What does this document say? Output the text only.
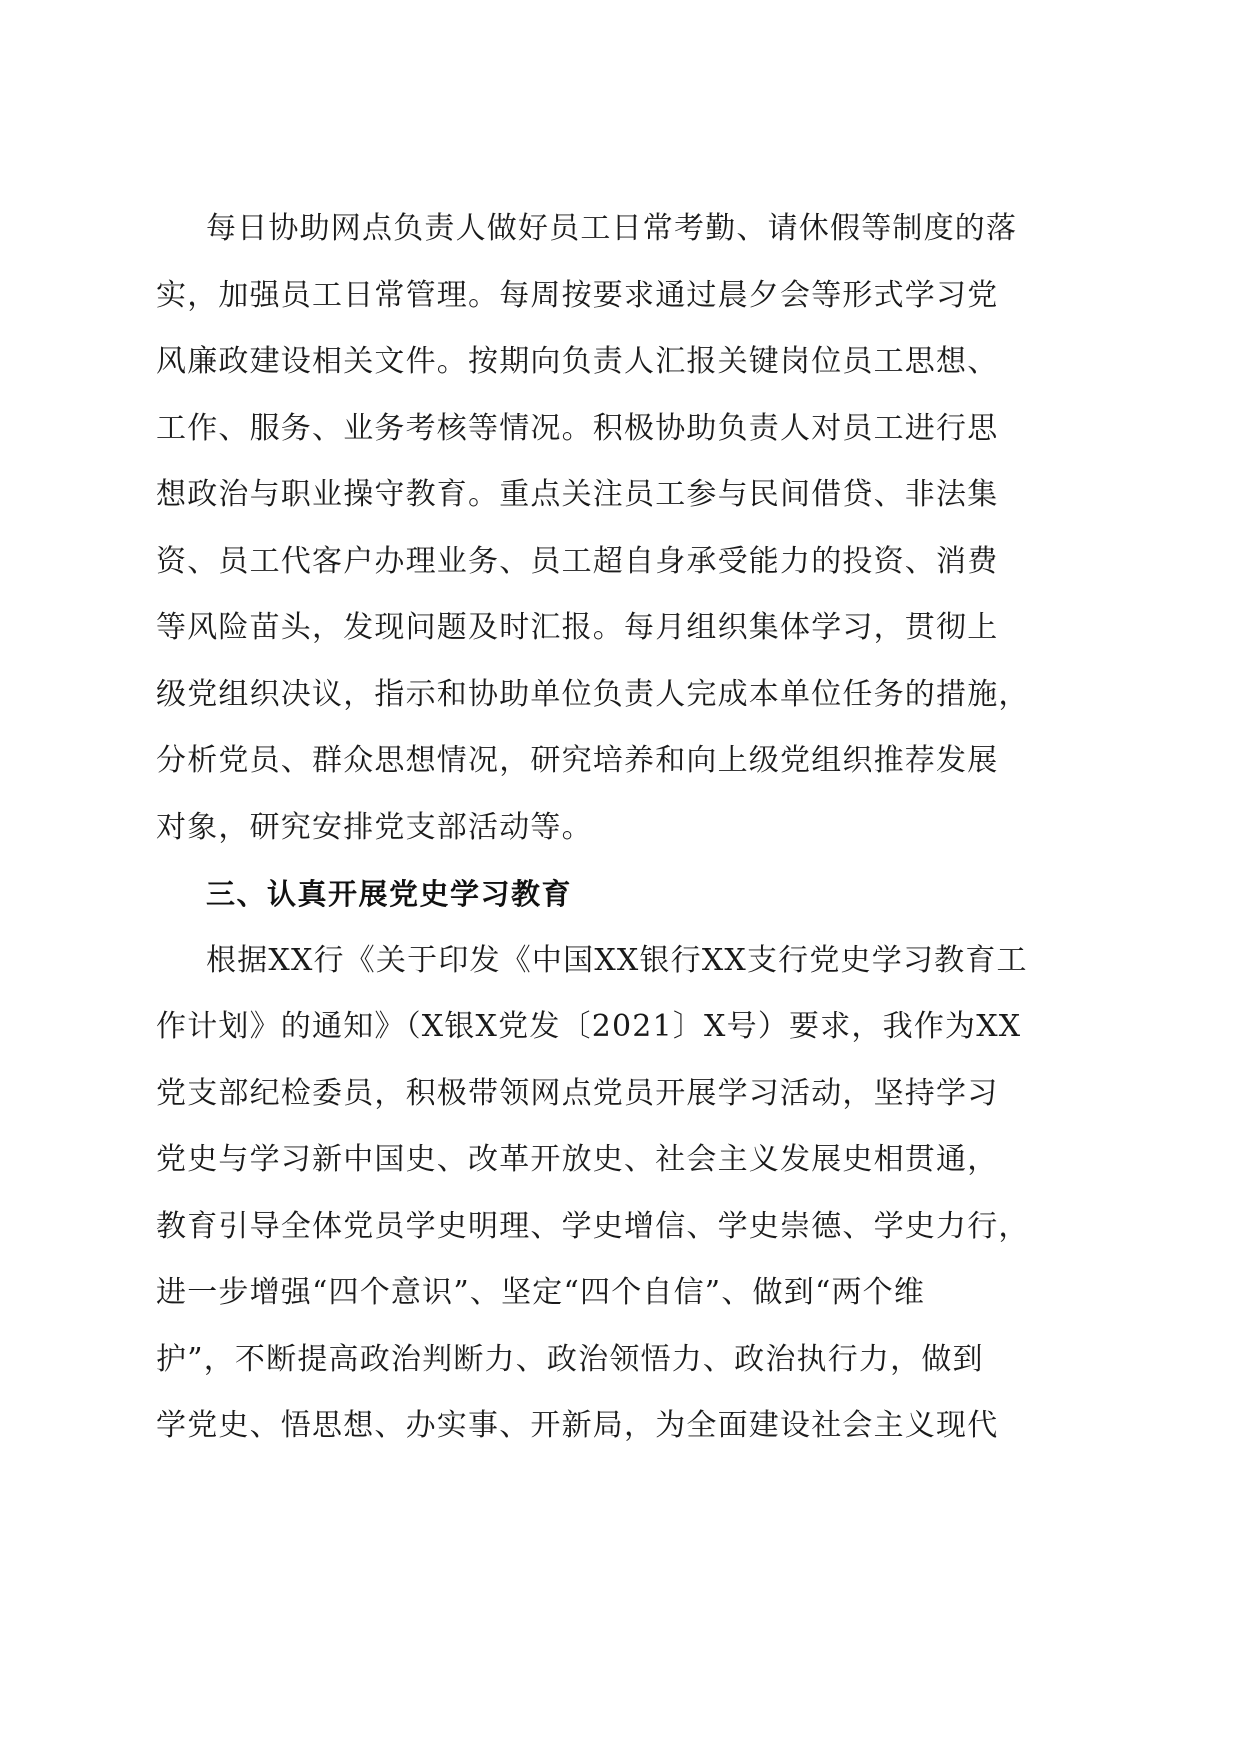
每日协助网点负责人做好员工日常考勤、请休假等制度的落
实，加强员工日常管理。每周按要求通过晨夕会等形式学习党
风廉政建设相关文件。按期向负责人汇报关键岗位员工思想、
工作、服务、业务考核等情况。积极协助负责人对员工进行思
想政治与职业操守教育。重点关注员工参与民间借贷、非法集
资、员工代客户办理业务、员工超自身承受能力的投资、消费
等风险苗头，发现问题及时汇报。每月组织集体学习，贯彻上
级党组织决议，指示和协助单位负责人完成本单位任务的措施，
分析党员、群众思想情况，研究培养和向上级党组织推荐发展
对象，研究安排党支部活动等。
三、认真开展党史学习教育
根据XX行《关于印发《中国XX银行XX支行党史学习教育工
作计划》的通知》（X银X党发〔2021〕X号）要求，我作为XX
党支部纪检委员，积极带领网点党员开展学习活动，坚持学习
党史与学习新中国史、改革开放史、社会主义发展史相贯通，
教育引导全体党员学史明理、学史增信、学史崇德、学史力行，
进一步增强“四个意识”、坚定“四个自信”、做到“两个维
护”，不断提高政治判断力、政治领悟力、政治执行力，做到
学党史、悟思想、办实事、开新局，为全面建设社会主义现代
